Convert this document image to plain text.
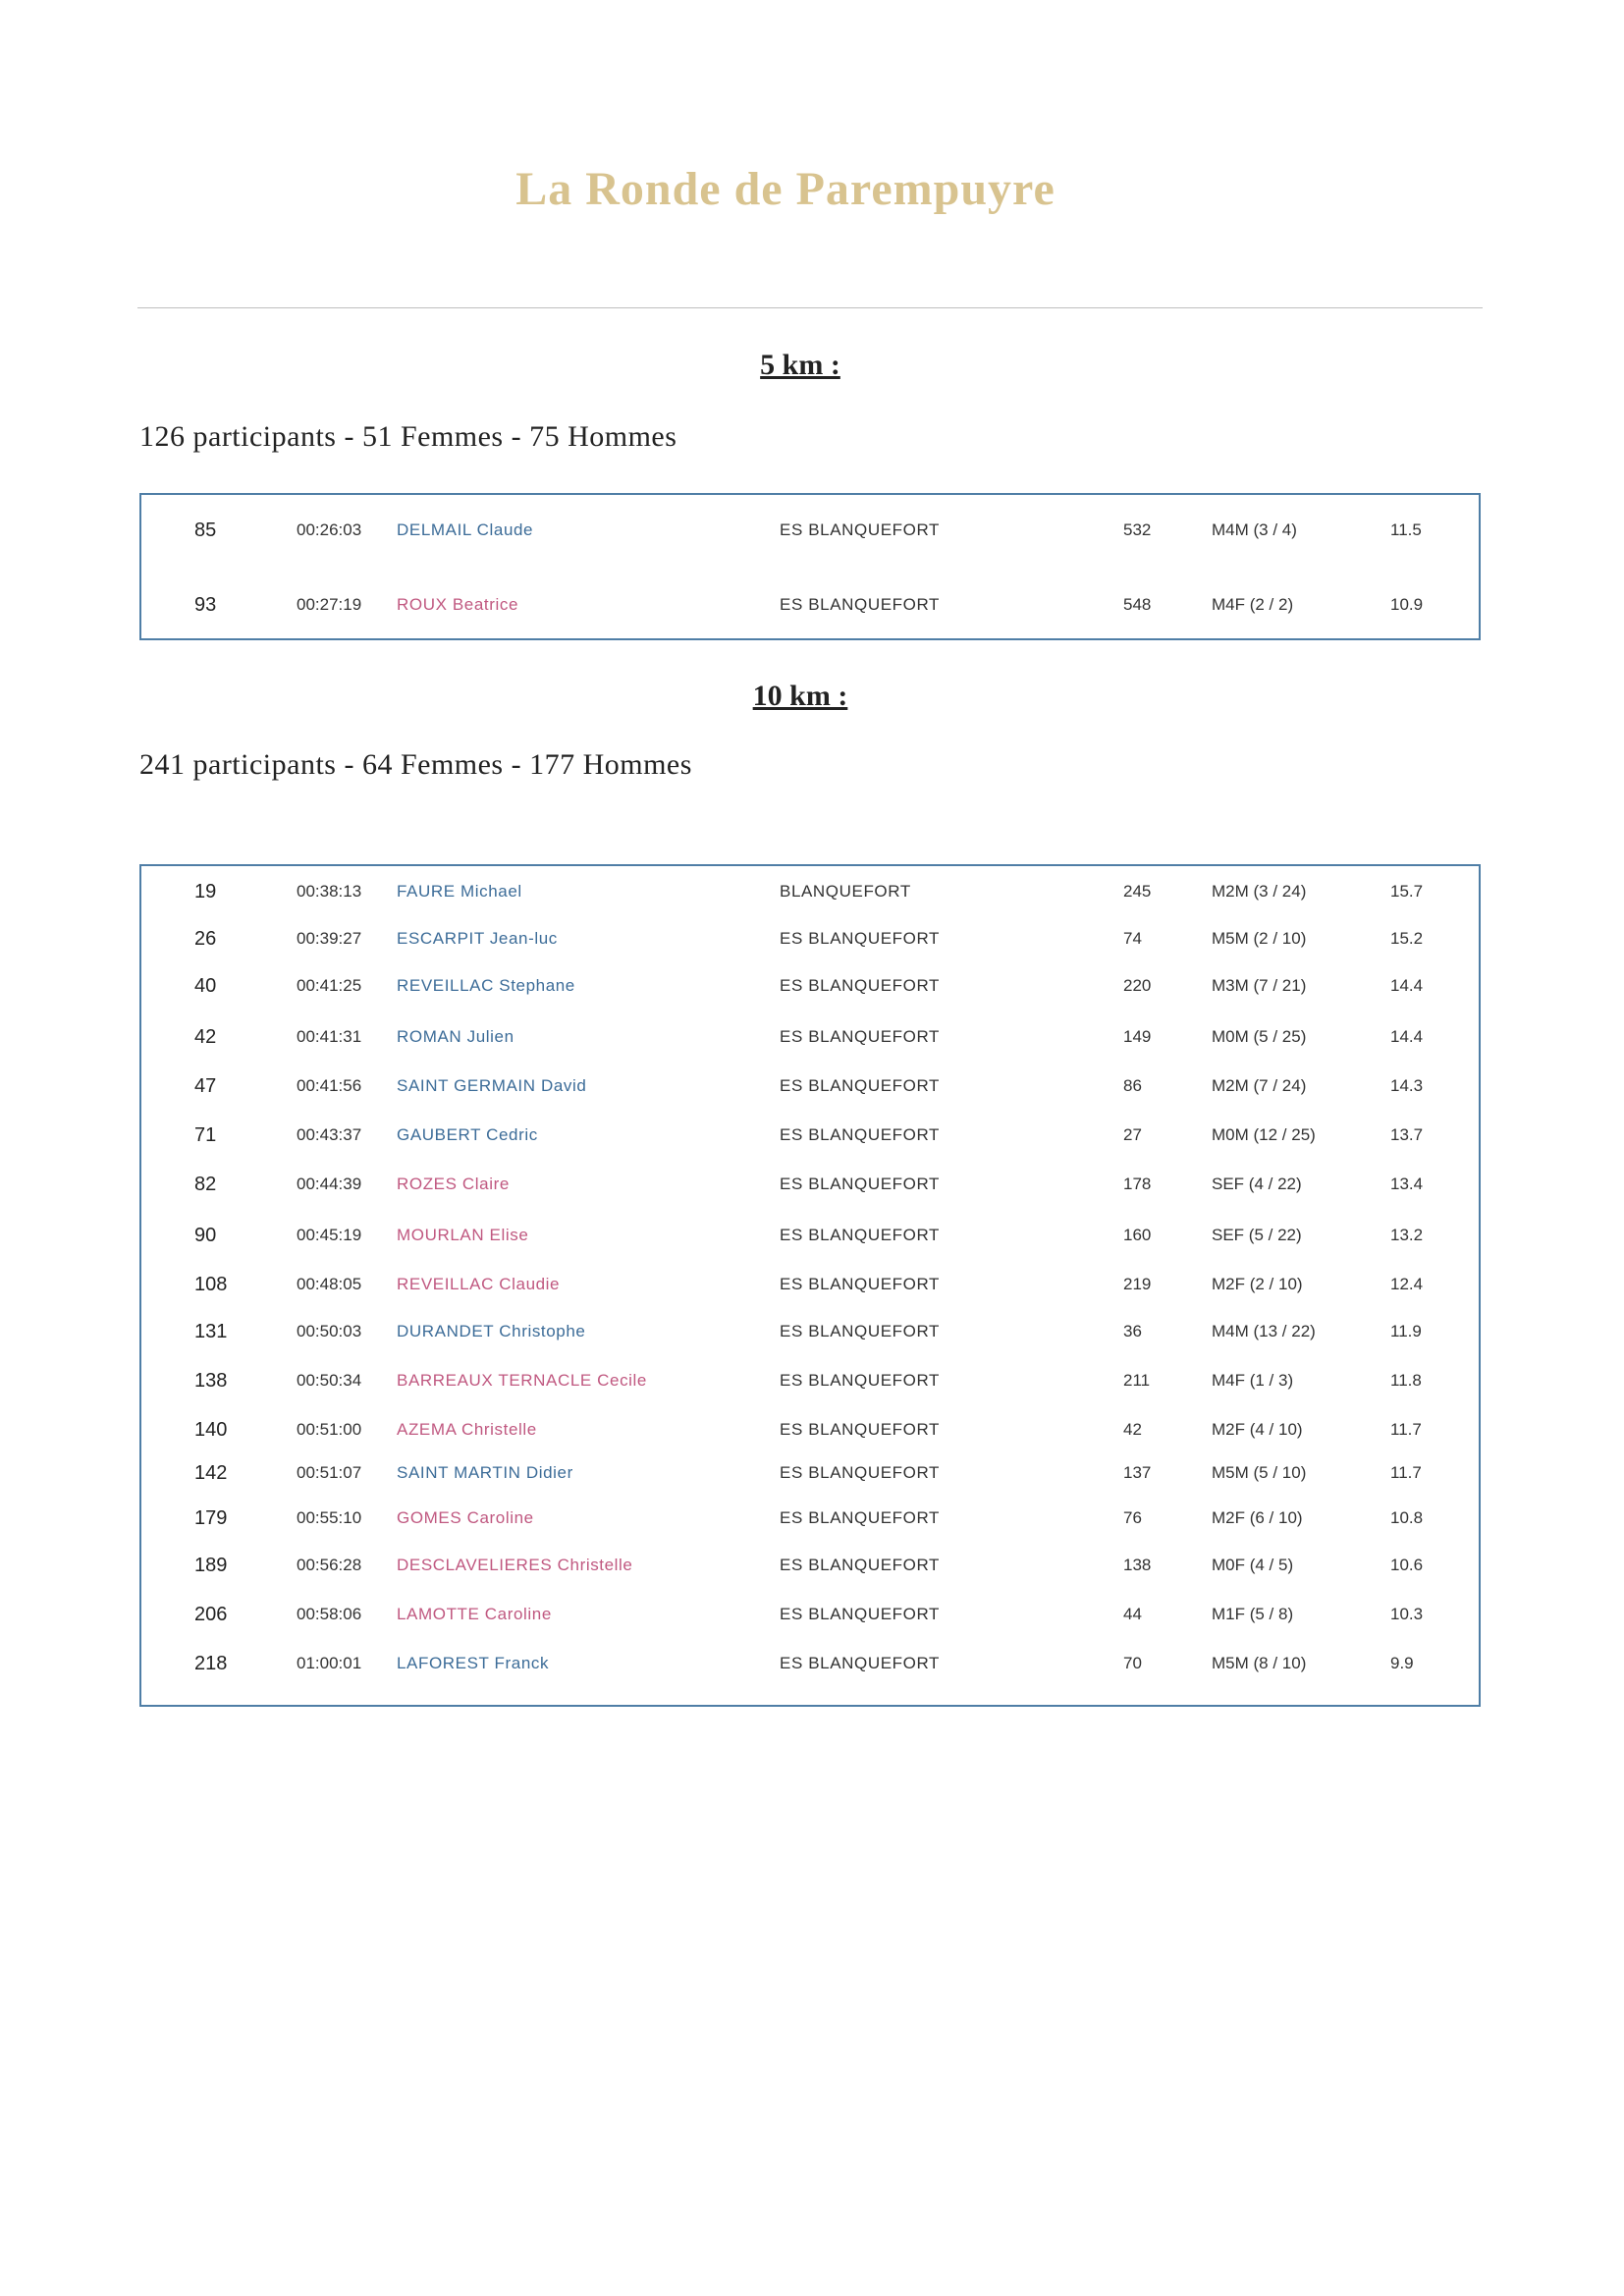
La Ronde de Parempuyre
5 km :
126 participants - 51 Femmes - 75 Hommes
85	00:26:03 DELMAIL Claude	ES BLANQUEFORT	532	M4M (3 / 4)	11.5
93	00:27:19 ROUX Beatrice	ES BLANQUEFORT	548	M4F (2 / 2)	10.9
10 km :
241 participants - 64 Femmes - 177 Hommes
19	00:38:13 FAURE Michael	BLANQUEFORT	245	M2M (3 / 24)	15.7
26	00:39:27 ESCARPIT Jean-luc	ES BLANQUEFORT	74	M5M (2 / 10)	15.2
40	00:41:25 REVEILLAC Stephane	ES BLANQUEFORT	220	M3M (7 / 21)	14.4
42	00:41:31 ROMAN Julien	ES BLANQUEFORT	149	M0M (5 / 25)	14.4
47	00:41:56 SAINT GERMAIN David	ES BLANQUEFORT	86	M2M (7 / 24)	14.3
71	00:43:37 GAUBERT Cedric	ES BLANQUEFORT	27	M0M (12 / 25)	13.7
82	00:44:39 ROZES Claire	ES BLANQUEFORT	178	SEF (4 / 22)	13.4
90	00:45:19 MOURLAN Elise	ES BLANQUEFORT	160	SEF (5 / 22)	13.2
108	00:48:05 REVEILLAC Claudie	ES BLANQUEFORT	219	M2F (2 / 10)	12.4
131	00:50:03 DURANDET Christophe	ES BLANQUEFORT	36	M4M (13 / 22)	11.9
138	00:50:34 BARREAUX TERNACLE Cecile	ES BLANQUEFORT	211	M4F (1 / 3)	11.8
140	00:51:00 AZEMA Christelle	ES BLANQUEFORT	42	M2F (4 / 10)	11.7
142	00:51:07 SAINT MARTIN Didier	ES BLANQUEFORT	137	M5M (5 / 10)	11.7
179	00:55:10 GOMES Caroline	ES BLANQUEFORT	76	M2F (6 / 10)	10.8
189	00:56:28 DESCLAVELIERES Christelle	ES BLANQUEFORT	138	M0F (4 / 5)	10.6
206	00:58:06 LAMOTTE Caroline	ES BLANQUEFORT	44	M1F (5 / 8)	10.3
218	01:00:01 LAFOREST Franck	ES BLANQUEFORT	70	M5M (8 / 10)	9.9
